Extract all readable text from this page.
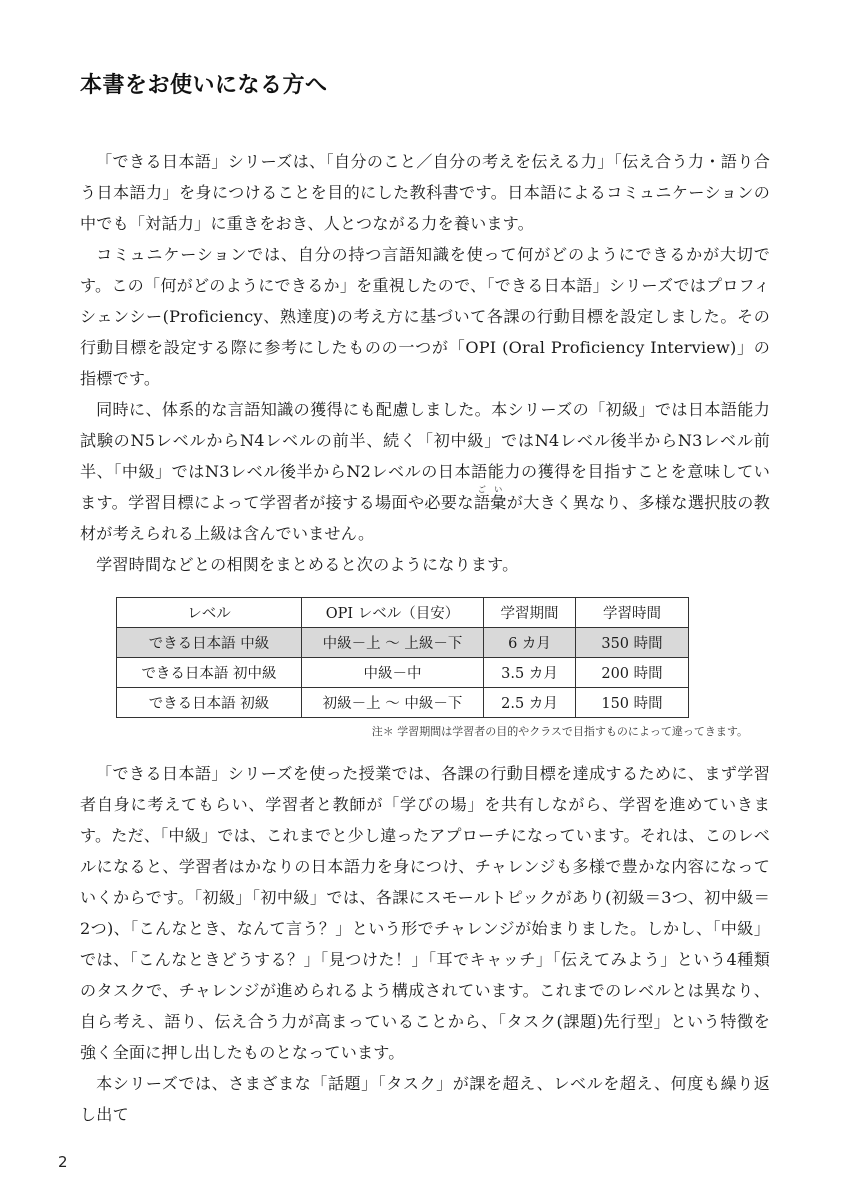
本書をお使いになる方へ

「できる日本語」シリーズは、「自分のこと／自分の考えを伝える力」「伝え合う力・語り合う日本語力」を身につけることを目的にした教科書です。日本語によるコミュニケーションの中でも「対話力」に重きをおき、人とつながる力を養います。

コミュニケーションでは、自分の持つ言語知識を使って何がどのようにできるかが大切です。この「何がどのようにできるか」を重視したので、「できる日本語」シリーズではプロフィシェンシー(Proficiency、熟達度)の考え方に基づいて各課の行動目標を設定しました。その行動目標を設定する際に参考にしたものの一つが「OPI (Oral Proficiency Interview)」の指標です。

同時に、体系的な言語知識の獲得にも配慮しました。本シリーズの「初級」では日本語能力試験のN5レベルからN4レベルの前半、続く「初中級」ではN4レベル後半からN3レベル前半、「中級」ではN3レベル後半からN2レベルの日本語能力の獲得を目指すことを意味しています。学習目標によって学習者が接する場面や必要な語彙ごいが大きく異なり、多様な選択肢の教材が考えられる上級は含んでいません。

学習時間などとの相関をまとめると次のようになります。

レベル	OPI レベル（目安）	学習期間	学習時間
できる日本語 中級	中級－上 ～ 上級－下	6 カ月	350 時間
できる日本語 初中級	中級－中	3.5 カ月	200 時間
できる日本語 初級	初級－上 ～ 中級－下	2.5 カ月	150 時間
注＊ 学習期間は学習者の目的やクラスで目指すものによって違ってきます。

「できる日本語」シリーズを使った授業では、各課の行動目標を達成するために、まず学習者自身に考えてもらい、学習者と教師が「学びの場」を共有しながら、学習を進めていきます。ただ、「中級」では、これまでと少し違ったアプローチになっています。それは、このレベルになると、学習者はかなりの日本語力を身につけ、チャレンジも多様で豊かな内容になっていくからです。「初級」「初中級」では、各課にスモールトピックがあり(初級＝3つ、初中級＝2つ)、「こんなとき、なんて言う？」という形でチャレンジが始まりました。しかし、「中級」では、「こんなときどうする？」「見つけた！」「耳でキャッチ」「伝えてみよう」という4種類のタスクで、チャレンジが進められるよう構成されています。これまでのレベルとは異なり、自ら考え、語り、伝え合う力が高まっていることから、「タスク(課題)先行型」という特徴を強く全面に押し出したものとなっています。

本シリーズでは、さまざまな「話題」「タスク」が課を超え、レベルを超え、何度も繰り返し出て

2
